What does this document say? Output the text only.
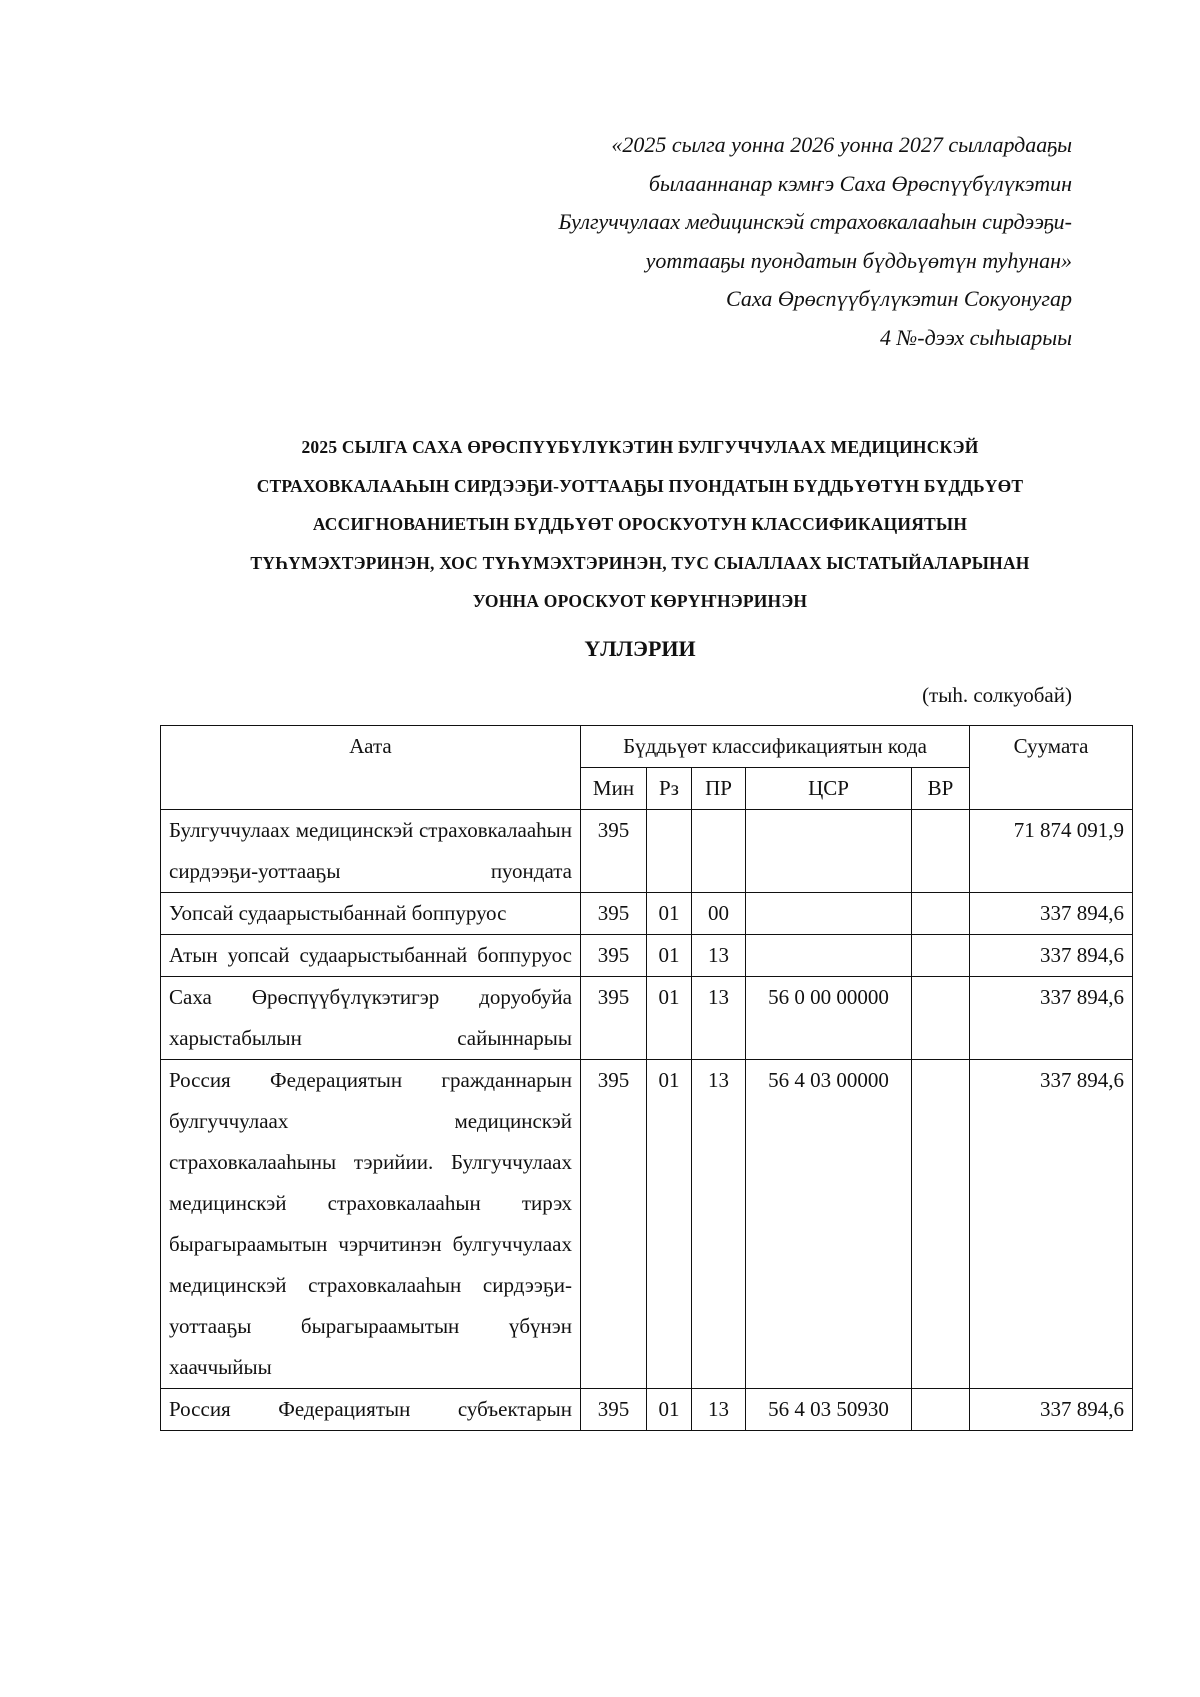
«2025 сылга уонна 2026 уонна 2027 сыллардааҕы
былааннанар кэмҥэ Саха Өрөспүүбүлүкэтин
Булгуччулаах медицинскэй страховкалааһын сирдээҕи-
уоттааҕы пуондатын бүддьүөтүн туһунан»
Саха Өрөспүүбүлүкэтин Сокуонугар
4 №-дээх сыһыарыы
2025 СЫЛГА САХА ӨРӨСПҮҮБҮЛҮКЭТИН БУЛГУЧЧУЛААХ МЕДИЦИНСКЭЙ
СТРАХОВКАЛААҺЫН СИРДЭЭҔИ-УОТТААҔЫ ПУОНДАТЫН БҮДДЬҮӨТҮН БҮДДЬҮӨТ
АССИГНОВАНИЕТЫН БҮДДЬҮӨТ ОРОСКУОТУН КЛАССИФИКАЦИЯТЫН
ТҮҺҮМЭХТЭРИНЭН, ХОС ТҮҺҮМЭХТЭРИНЭН, ТУС СЫАЛЛААХ ЫСТАТЫЙАЛАРЫНАН
УОННА ОРОСКУОТ КӨРҮҤНЭРИНЭН
ҮЛЛЭРИИ
(тыһ. солкуобай)
Аата	Бүддьүөт классификациятын кода					Суумата
	Мин	Рз	ПР	ЦСР	ВР	
Булгуччулаах медицинскэй страховкалааһын сирдээҕи-уоттааҕы пуондата	395					71 874 091,9
Уопсай судаарыстыбаннай боппуруос	395	01	00			337 894,6
Атын уопсай судаарыстыбаннай боппуруос	395	01	13			337 894,6
Саха Өрөспүүбүлүкэтигэр доруобуйа харыстабылын сайыннарыы	395	01	13	56 0 00 00000		337 894,6
Россия Федерациятын гражданнарын булгуччулаах медицинскэй страховкалааһыны тэрийии. Булгуччулаах медицинскэй страховкалааһын тирэх бырагыраамытын чэрчитинэн булгуччулаах медицинскэй страховкалааһын сирдээҕи-уоттааҕы бырагыраамытын үбүнэн хааччыйыы	395	01	13	56 4 03 00000		337 894,6
Россия Федерациятын субъектарын	395	01	13	56 4 03 50930		337 894,6
